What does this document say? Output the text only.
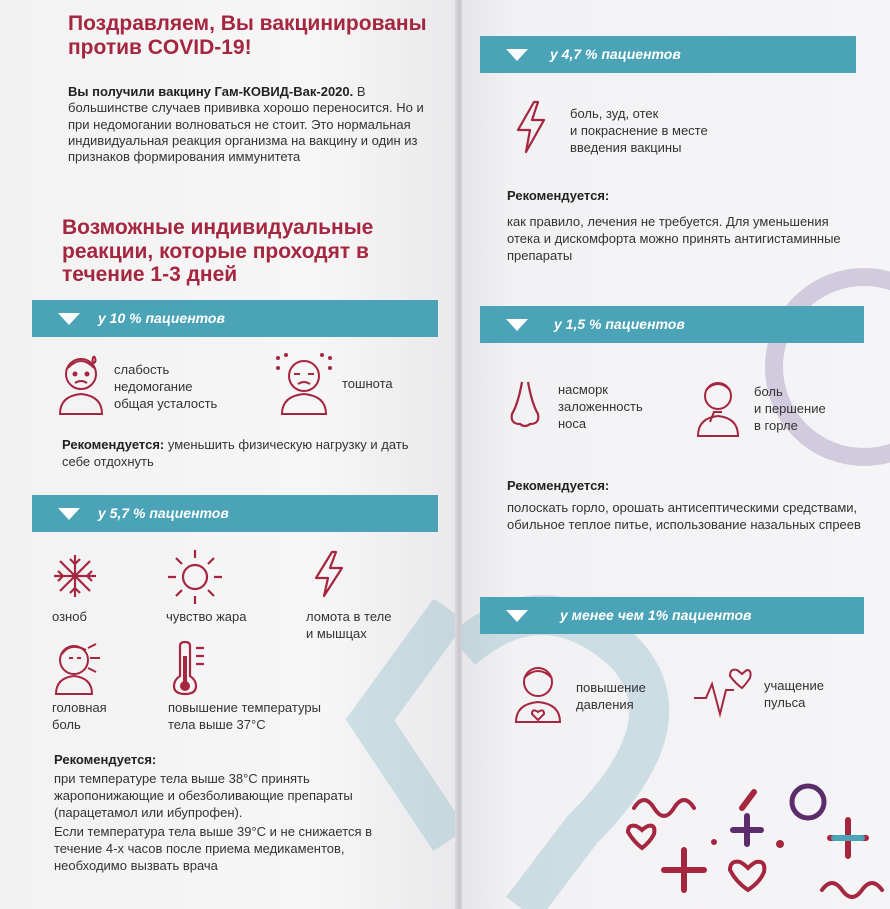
Поздравляем, Вы вакцинированы против COVID-19!
Вы получили вакцину Гам-КОВИД-Вак-2020. В большинстве случаев прививка хорошо переносится. Но и при недомогании волноваться не стоит. Это нормальная индивидуальная реакция организма на вакцину и один из признаков формирования иммунитета
Возможные индивидуальные реакции, которые проходят в течение 1-3 дней
у 10 % пациентов
слабость
недомогание
общая усталость
тошнота
Рекомендуется: уменьшить физическую нагрузку и дать себе отдохнуть
у 5,7 % пациентов
озноб	чувство жара	ломота в теле
и мышцах
головная
боль
повышение температуры
тела выше 37°С
Рекомендуется:
при температуре тела выше 38°С принять жаропонижающие и обезболивающие препараты (парацетамол или ибупрофен).
Если температура тела выше 39°С и не снижается в течение 4-х часов после приема медикаментов, необходимо вызвать врача
у 4,7 % пациентов
боль, зуд, отек
и покраснение в месте
введения вакцины
Рекомендуется:
как правило, лечения не требуется. Для уменьшения отека и дискомфорта можно принять антигистаминные препараты
у 1,5 % пациентов
насморк
заложенность
носа
боль
и першение
в горле
Рекомендуется:
полоскать горло, орошать антисептическими средствами, обильное теплое питье, использование назальных спреев
у менее чем 1% пациентов
повышение
давления
учащение
пульса
